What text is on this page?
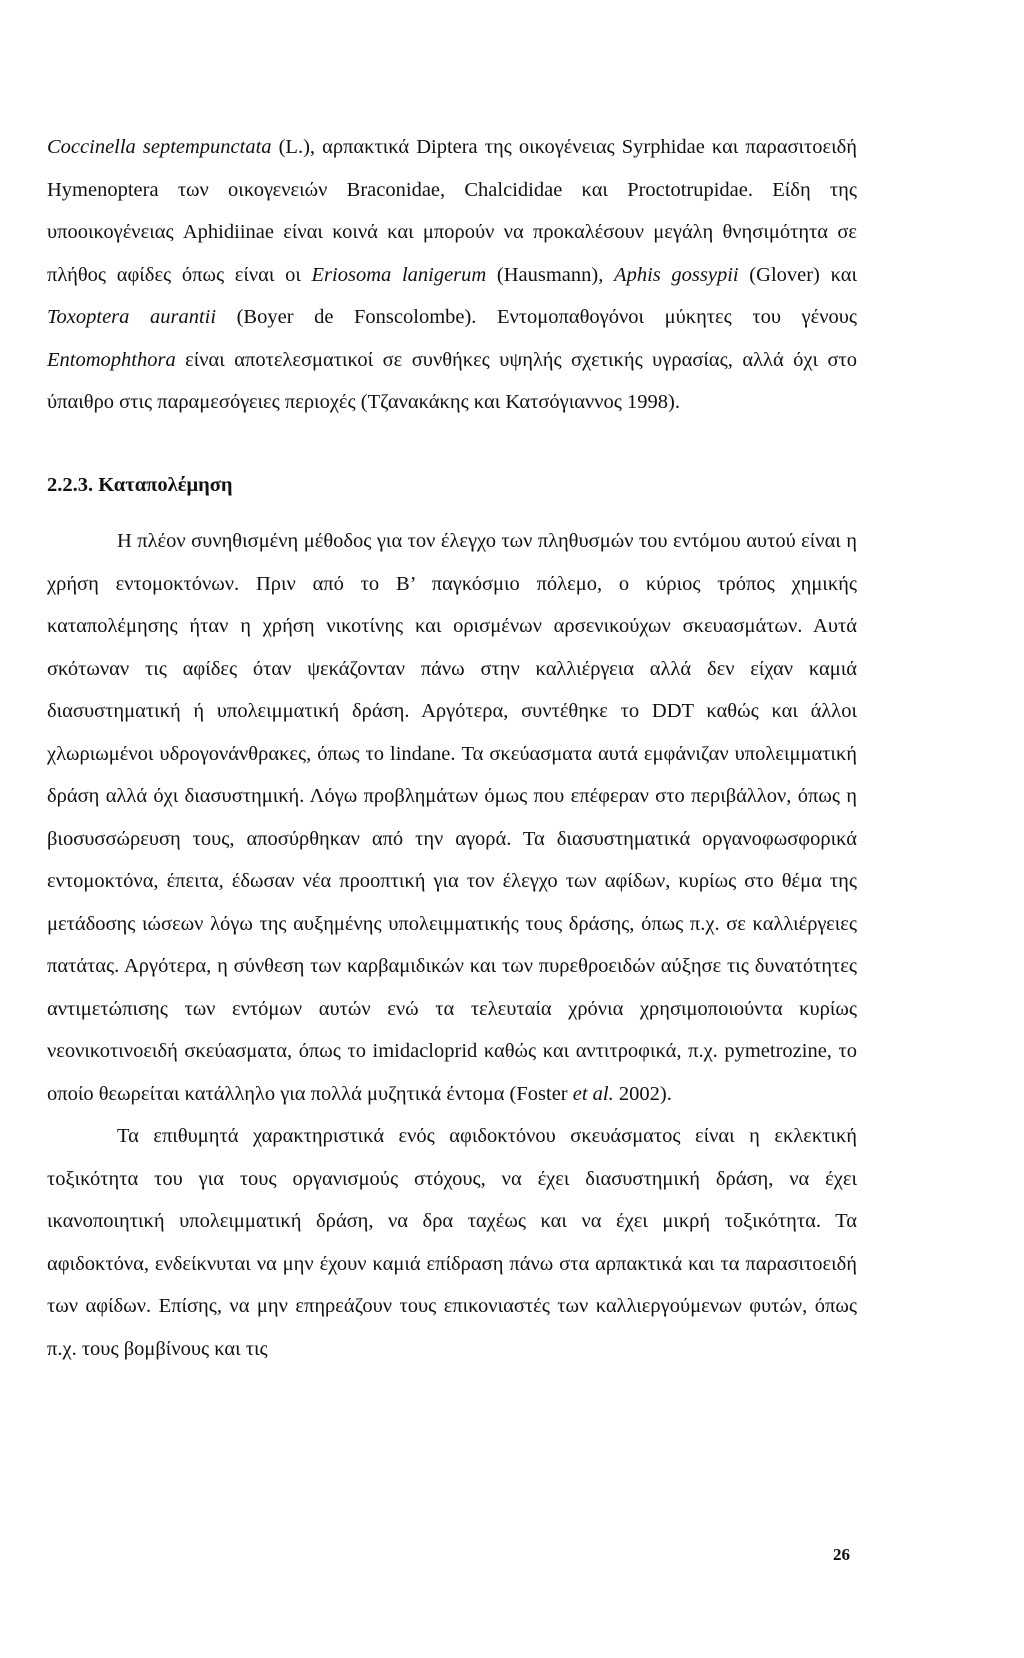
Coccinella septempunctata (L.), αρπακτικά Diptera της οικογένειας Syrphidae και παρασιτοειδή Hymenoptera των οικογενειών Braconidae, Chalcididae και Proctotrupidae. Είδη της υποοικογένειας Aphidiinae είναι κοινά και μπορούν να προκαλέσουν μεγάλη θνησιμότητα σε πλήθος αφίδες όπως είναι οι Eriosoma lanigerum (Hausmann), Aphis gossypii (Glover) και Toxoptera aurantii (Boyer de Fonscolombe). Εντομοπαθογόνοι μύκητες του γένους Entomophthora είναι αποτελεσματικοί σε συνθήκες υψηλής σχετικής υγρασίας, αλλά όχι στο ύπαιθρο στις παραμεσόγειες περιοχές (Τζανακάκης και Κατσόγιαννος 1998).

2.2.3. Καταπολέμηση

Η πλέον συνηθισμένη μέθοδος για τον έλεγχο των πληθυσμών του εντόμου αυτού είναι η χρήση εντομοκτόνων. Πριν από το Β’ παγκόσμιο πόλεμο, ο κύριος τρόπος χημικής καταπολέμησης ήταν η χρήση νικοτίνης και ορισμένων αρσενικούχων σκευασμάτων. Αυτά σκότωναν τις αφίδες όταν ψεκάζονταν πάνω στην καλλιέργεια αλλά δεν είχαν καμιά διασυστηματική ή υπολειμματική δράση. Αργότερα, συντέθηκε το DDT καθώς και άλλοι χλωριωμένοι υδρογονάνθρακες, όπως το lindane. Τα σκεύασματα αυτά εμφάνιζαν υπολειμματική δράση αλλά όχι διασυστημική. Λόγω προβλημάτων όμως που επέφεραν στο περιβάλλον, όπως η βιοσυσσώρευση τους, αποσύρθηκαν από την αγορά. Τα διασυστηματικά οργανοφωσφορικά εντομοκτόνα, έπειτα, έδωσαν νέα προοπτική για τον έλεγχο των αφίδων, κυρίως στο θέμα της μετάδοσης ιώσεων λόγω της αυξημένης υπολειμματικής τους δράσης, όπως π.χ. σε καλλιέργειες πατάτας. Αργότερα, η σύνθεση των καρβαμιδικών και των πυρεθροειδών αύξησε τις δυνατότητες αντιμετώπισης των εντόμων αυτών ενώ τα τελευταία χρόνια χρησιμοποιούντα κυρίως νεονικοτινοειδή σκεύασματα, όπως το imidacloprid καθώς και αντιτροφικά, π.χ. pymetrozine, το οποίο θεωρείται κατάλληλο για πολλά μυζητικά έντομα (Foster et al. 2002).

Τα επιθυμητά χαρακτηριστικά ενός αφιδοκτόνου σκευάσματος είναι η εκλεκτική τοξικότητα του για τους οργανισμούς στόχους, να έχει διασυστημική δράση, να έχει ικανοποιητική υπολειμματική δράση, να δρα ταχέως και να έχει μικρή τοξικότητα. Τα αφιδοκτόνα, ενδείκνυται να μην έχουν καμιά επίδραση πάνω στα αρπακτικά και τα παρασιτοειδή των αφίδων. Επίσης, να μην επηρεάζουν τους επικονιαστές των καλλιεργούμενων φυτών, όπως π.χ. τους βομβίνους και τις

26
